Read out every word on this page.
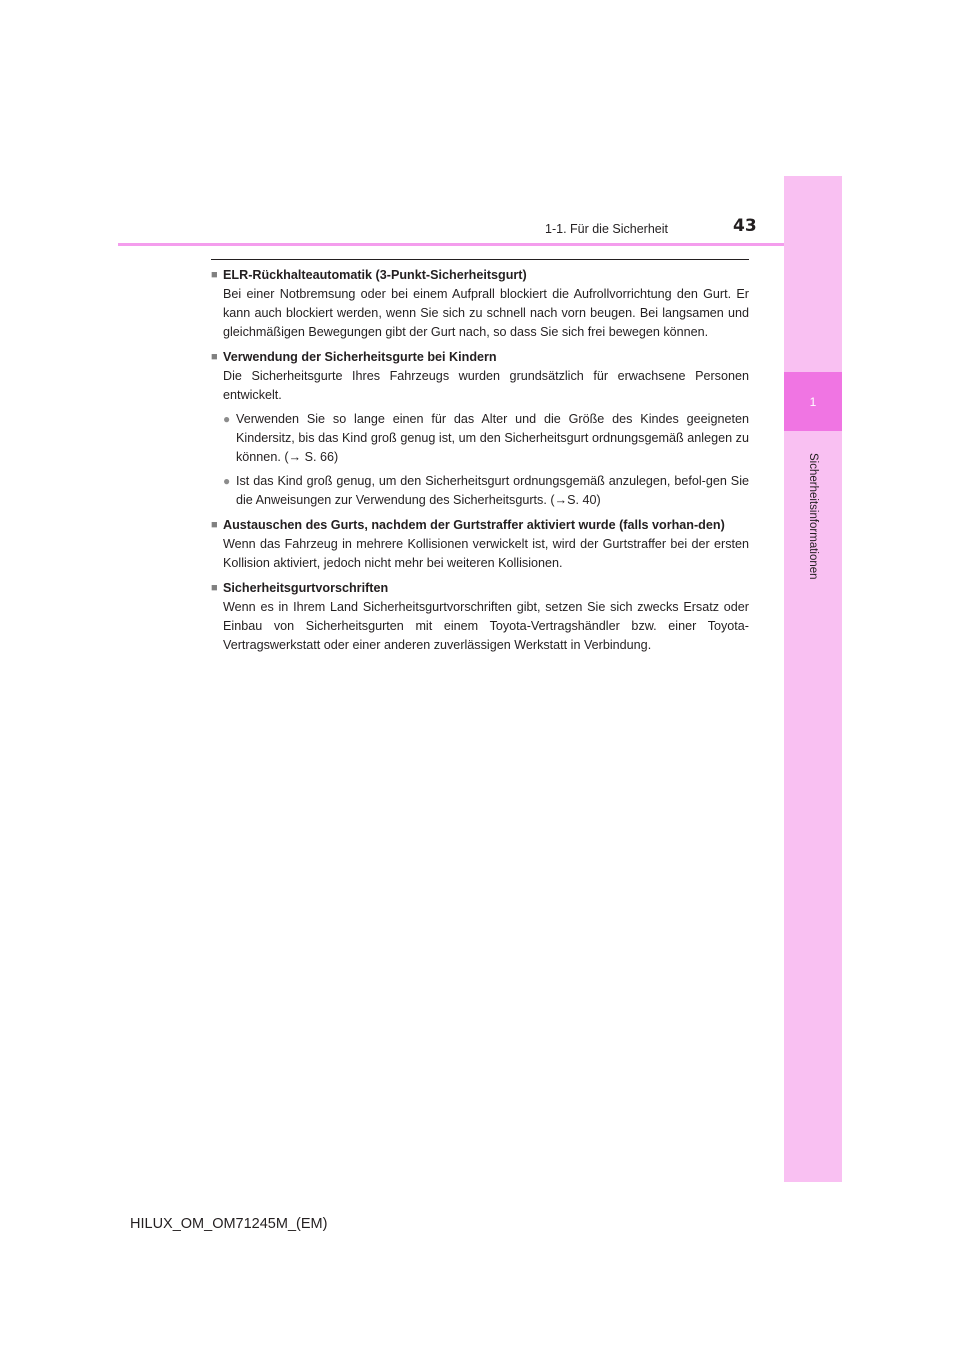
1-1. Für die Sicherheit	43
1
Sicherheitsinformationen
■ ELR-Rückhalteautomatik (3-Punkt-Sicherheitsgurt)
Bei einer Notbremsung oder bei einem Aufprall blockiert die Aufrollvorrichtung den Gurt. Er kann auch blockiert werden, wenn Sie sich zu schnell nach vorn beugen. Bei langsamen und gleichmäßigen Bewegungen gibt der Gurt nach, so dass Sie sich frei bewegen können.
■ Verwendung der Sicherheitsgurte bei Kindern
Die Sicherheitsgurte Ihres Fahrzeugs wurden grundsätzlich für erwachsene Personen entwickelt.
● Verwenden Sie so lange einen für das Alter und die Größe des Kindes geeigneten Kindersitz, bis das Kind groß genug ist, um den Sicherheitsgurt ordnungsgemäß anlegen zu können. (→ S. 66)
● Ist das Kind groß genug, um den Sicherheitsgurt ordnungsgemäß anzulegen, befol-gen Sie die Anweisungen zur Verwendung des Sicherheitsgurts. (→S. 40)
■ Austauschen des Gurts, nachdem der Gurtstraffer aktiviert wurde (falls vorhan-den)
Wenn das Fahrzeug in mehrere Kollisionen verwickelt ist, wird der Gurtstraffer bei der ersten Kollision aktiviert, jedoch nicht mehr bei weiteren Kollisionen.
■ Sicherheitsgurtvorschriften
Wenn es in Ihrem Land Sicherheitsgurtvorschriften gibt, setzen Sie sich zwecks Ersatz oder Einbau von Sicherheitsgurten mit einem Toyota-Vertragshändler bzw. einer Toyota-Vertragswerkstatt oder einer anderen zuverlässigen Werkstatt in Verbindung.
HILUX_OM_OM71245M_(EM)
